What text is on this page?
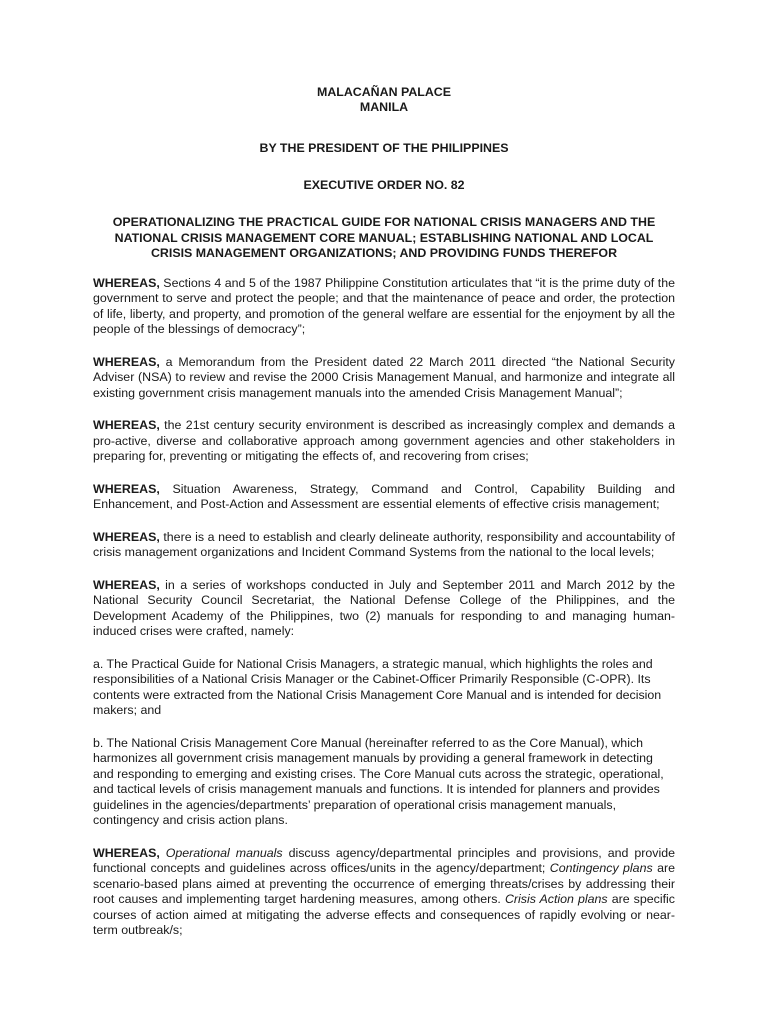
MALACAÑAN PALACE
MANILA
BY THE PRESIDENT OF THE PHILIPPINES
EXECUTIVE ORDER NO. 82
OPERATIONALIZING THE PRACTICAL GUIDE FOR NATIONAL CRISIS MANAGERS AND THE NATIONAL CRISIS MANAGEMENT CORE MANUAL; ESTABLISHING NATIONAL AND LOCAL CRISIS MANAGEMENT ORGANIZATIONS; AND PROVIDING FUNDS THEREFOR

WHEREAS, Sections 4 and 5 of the 1987 Philippine Constitution articulates that “it is the prime duty of the government to serve and protect the people; and that the maintenance of peace and order, the protection of life, liberty, and property, and promotion of the general welfare are essential for the enjoyment by all the people of the blessings of democracy”;

WHEREAS, a Memorandum from the President dated 22 March 2011 directed “the National Security Adviser (NSA) to review and revise the 2000 Crisis Management Manual, and harmonize and integrate all existing government crisis management manuals into the amended Crisis Management Manual”;

WHEREAS, the 21st century security environment is described as increasingly complex and demands a pro-active, diverse and collaborative approach among government agencies and other stakeholders in preparing for, preventing or mitigating the effects of, and recovering from crises;

WHEREAS, Situation Awareness, Strategy, Command and Control, Capability Building and Enhancement, and Post-Action and Assessment are essential elements of effective crisis management;

WHEREAS, there is a need to establish and clearly delineate authority, responsibility and accountability of crisis management organizations and Incident Command Systems from the national to the local levels;

WHEREAS, in a series of workshops conducted in July and September 2011 and March 2012 by the National Security Council Secretariat, the National Defense College of the Philippines, and the Development Academy of the Philippines, two (2) manuals for responding to and managing human-induced crises were crafted, namely:

a. The Practical Guide for National Crisis Managers, a strategic manual, which highlights the roles and responsibilities of a National Crisis Manager or the Cabinet-Officer Primarily Responsible (C-OPR). Its contents were extracted from the National Crisis Management Core Manual and is intended for decision makers; and

b. The National Crisis Management Core Manual (hereinafter referred to as the Core Manual), which harmonizes all government crisis management manuals by providing a general framework in detecting and responding to emerging and existing crises. The Core Manual cuts across the strategic, operational, and tactical levels of crisis management manuals and functions. It is intended for planners and provides guidelines in the agencies/departments’ preparation of operational crisis management manuals, contingency and crisis action plans.

WHEREAS, Operational manuals discuss agency/departmental principles and provisions, and provide functional concepts and guidelines across offices/units in the agency/department; Contingency plans are scenario-based plans aimed at preventing the occurrence of emerging threats/crises by addressing their root causes and implementing target hardening measures, among others. Crisis Action plans are specific courses of action aimed at mitigating the adverse effects and consequences of rapidly evolving or near-term outbreak/s;
